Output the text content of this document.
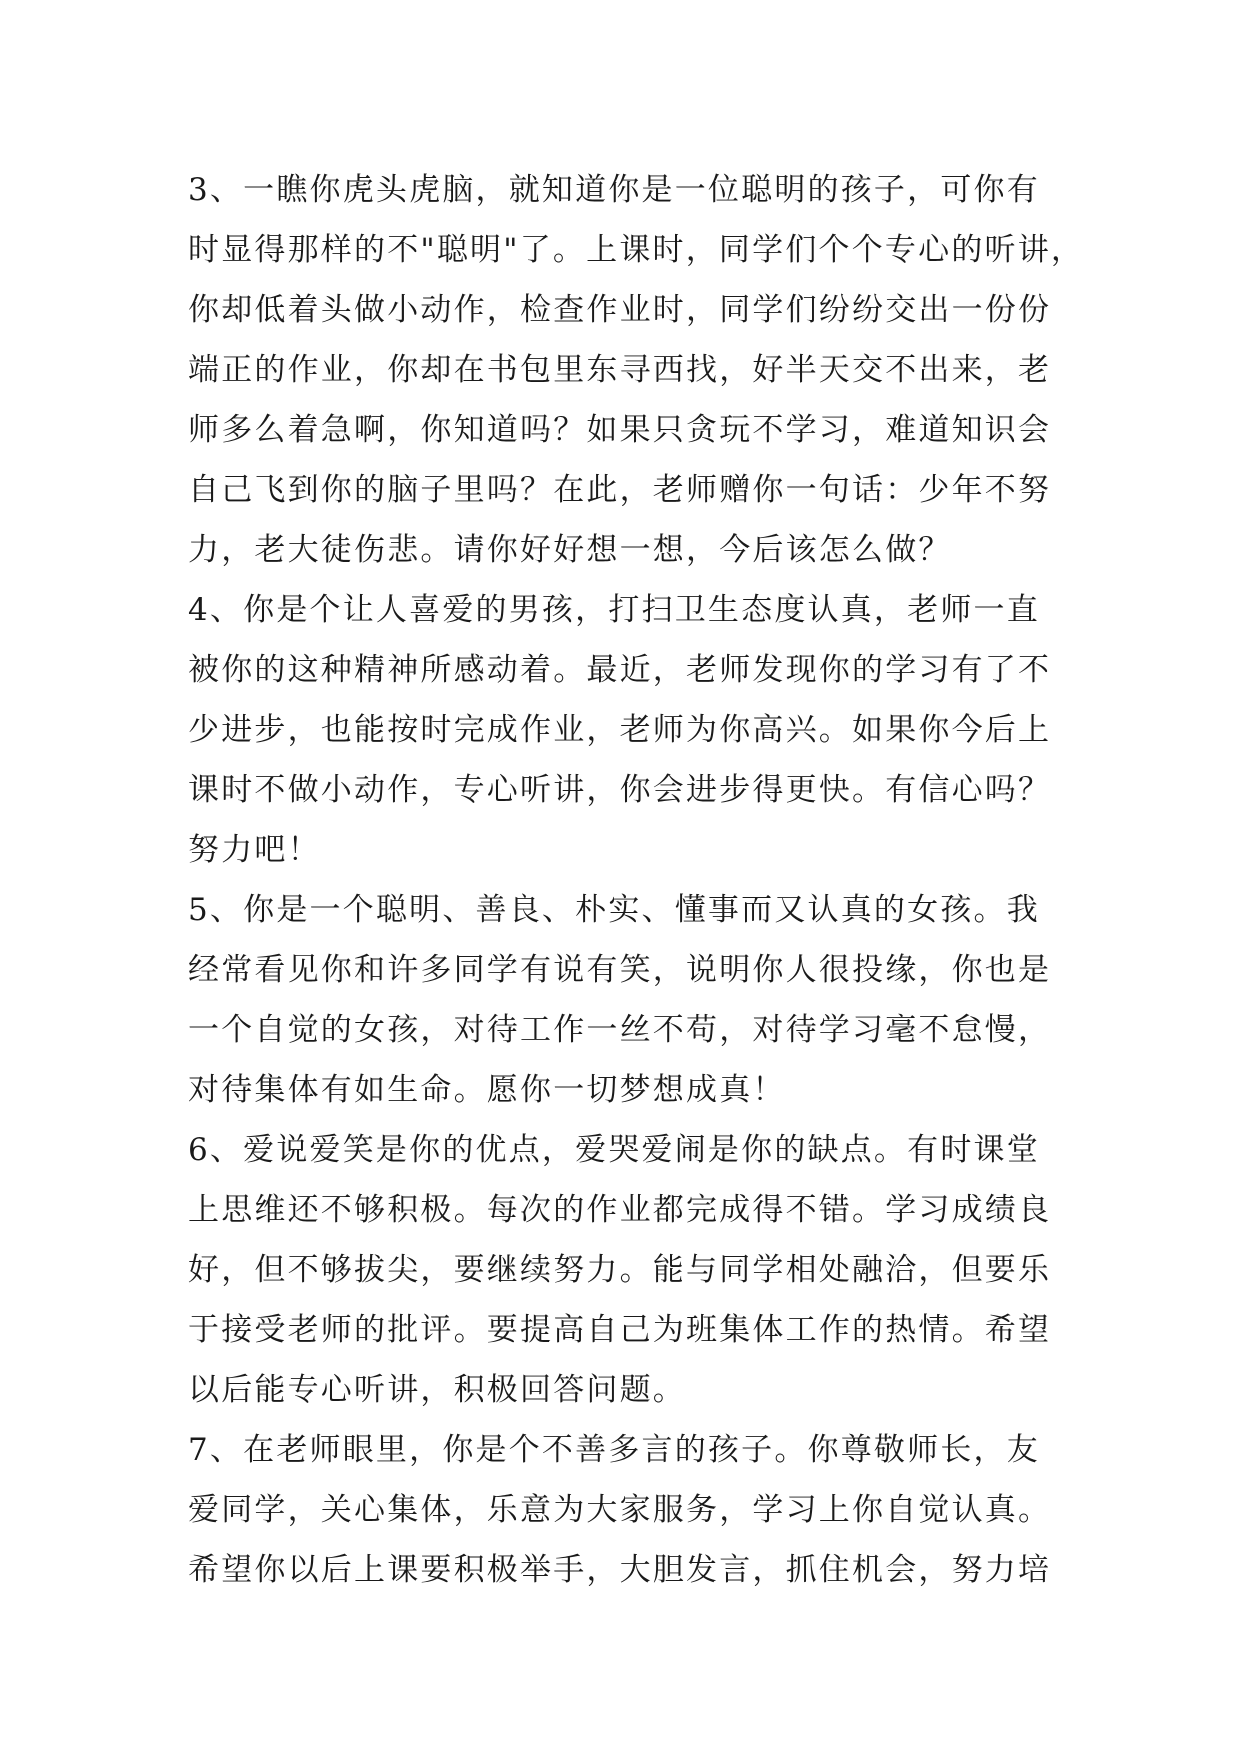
3、一瞧你虎头虎脑，就知道你是一位聪明的孩子，可你有
时显得那样的不"聪明"了。上课时，同学们个个专心的听讲，
你却低着头做小动作，检查作业时，同学们纷纷交出一份份
端正的作业，你却在书包里东寻西找，好半天交不出来，老
师多么着急啊，你知道吗？如果只贪玩不学习，难道知识会
自己飞到你的脑子里吗？在此，老师赠你一句话：少年不努
力，老大徒伤悲。请你好好想一想，今后该怎么做？
4、你是个让人喜爱的男孩，打扫卫生态度认真，老师一直
被你的这种精神所感动着。最近，老师发现你的学习有了不
少进步，也能按时完成作业，老师为你高兴。如果你今后上
课时不做小动作，专心听讲，你会进步得更快。有信心吗？
努力吧！
5、你是一个聪明、善良、朴实、懂事而又认真的女孩。我
经常看见你和许多同学有说有笑，说明你人很投缘，你也是
一个自觉的女孩，对待工作一丝不苟，对待学习毫不怠慢，
对待集体有如生命。愿你一切梦想成真！
6、爱说爱笑是你的优点，爱哭爱闹是你的缺点。有时课堂
上思维还不够积极。每次的作业都完成得不错。学习成绩良
好，但不够拔尖，要继续努力。能与同学相处融洽，但要乐
于接受老师的批评。要提高自己为班集体工作的热情。希望
以后能专心听讲，积极回答问题。
7、在老师眼里，你是个不善多言的孩子。你尊敬师长，友
爱同学，关心集体，乐意为大家服务，学习上你自觉认真。
希望你以后上课要积极举手，大胆发言，抓住机会，努力培
